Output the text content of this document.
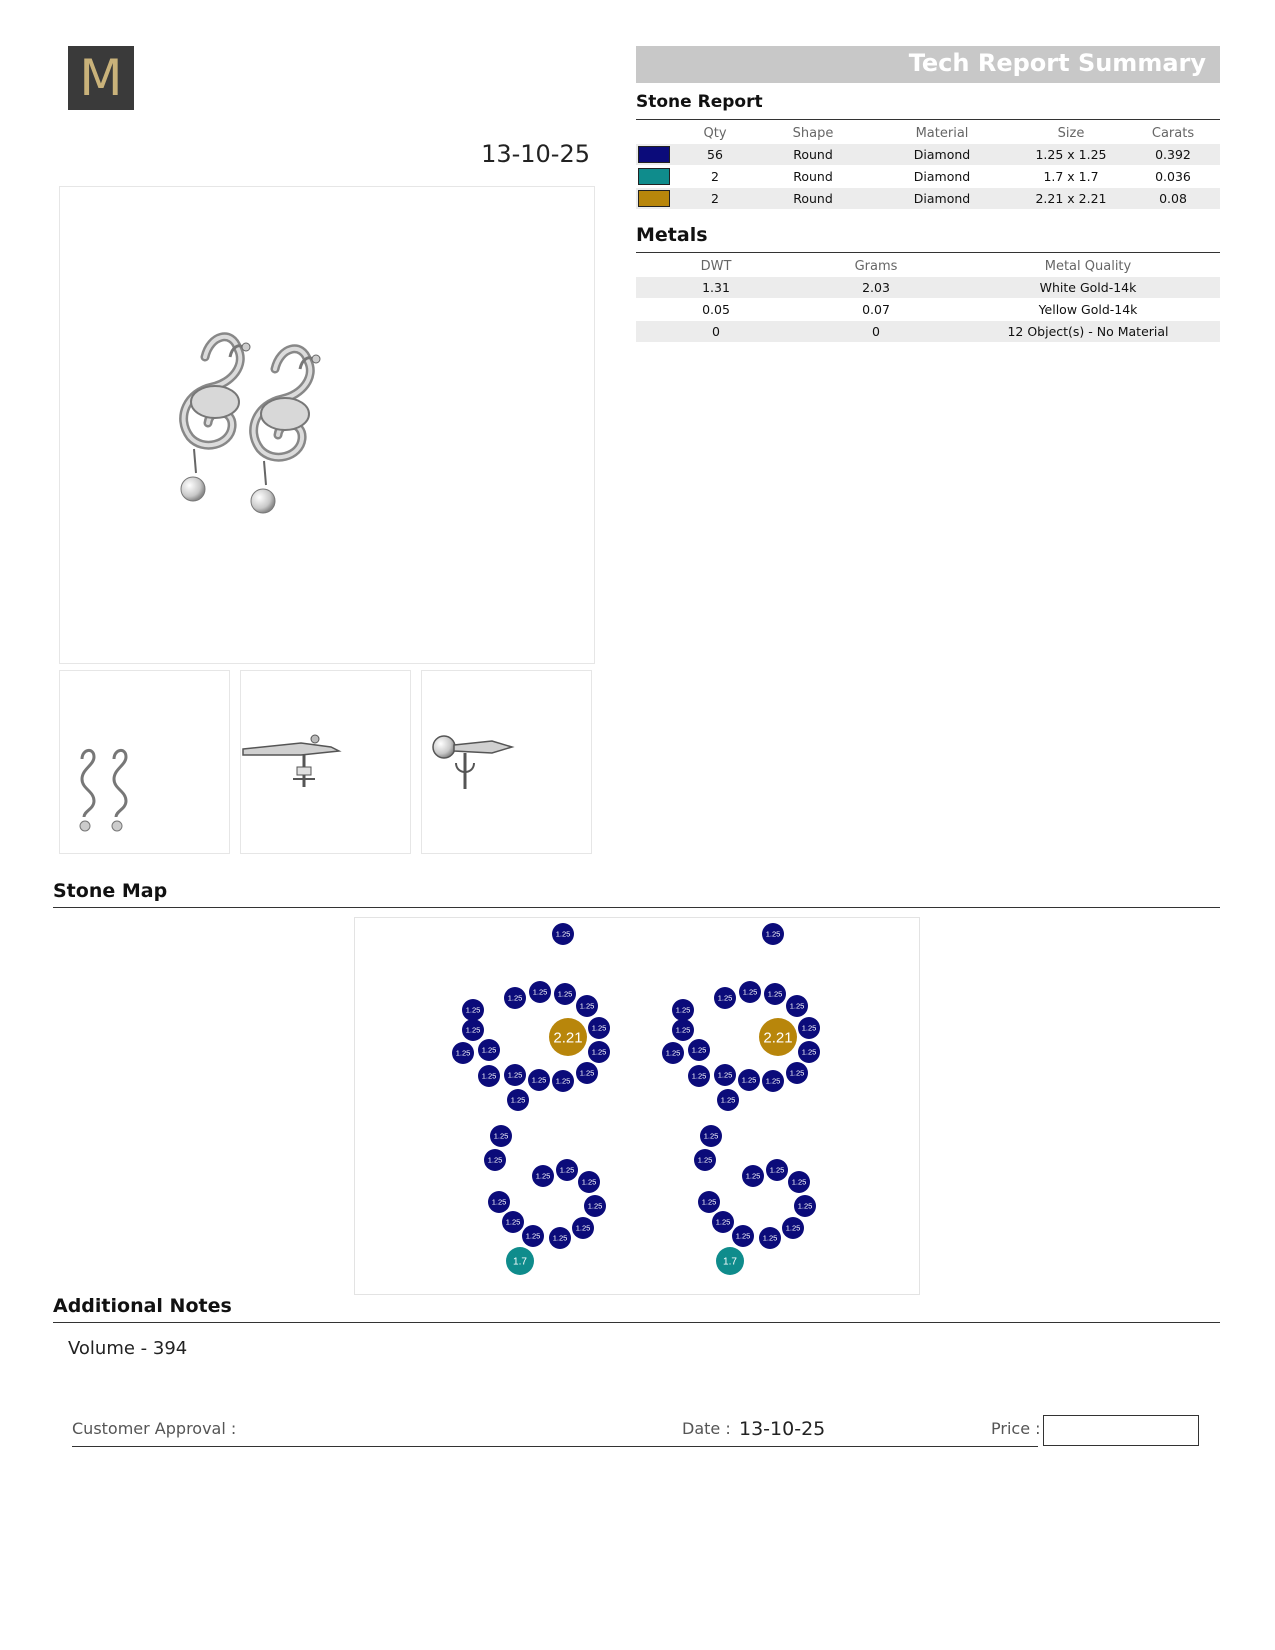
M
13-10-25
Tech Report Summary
Stone Report
	Qty	Shape	Material	Size	Carats

	56	Round	Diamond	1.25 x 1.25	0.392

	2	Round	Diamond	1.7 x 1.7	0.036

	2	Round	Diamond	2.21 x 2.21	0.08
Metals
DWT	Grams	Metal Quality
1.31	2.03	White Gold-14k
0.05	0.07	Yellow Gold-14k
0	0	12 Object(s) - No Material
Stone Map
1.25
1.25
1.25 1.25
1.25
1.25
1.25
1.25
1.25
1.25
1.25
1.25
1.25
1.25
1.25 1.25
1.25
1.25
1.25
1.25
1.25
1.25
1.25
1.25
1.25
1.25
1.25
1.25
1.7
2.21
1.25
1.25
1.25 1.25
1.25
1.25
1.25
1.25
1.25
1.25
1.25
1.25
1.25
1.25
1.25 1.25
1.25
1.25
1.25
1.25
1.25
1.25
1.25
1.25
1.25
1.25
1.25
1.25
1.7
2.21
Additional Notes
Volume - 394
Customer Approval :	Date : 13-10-25	Price :
